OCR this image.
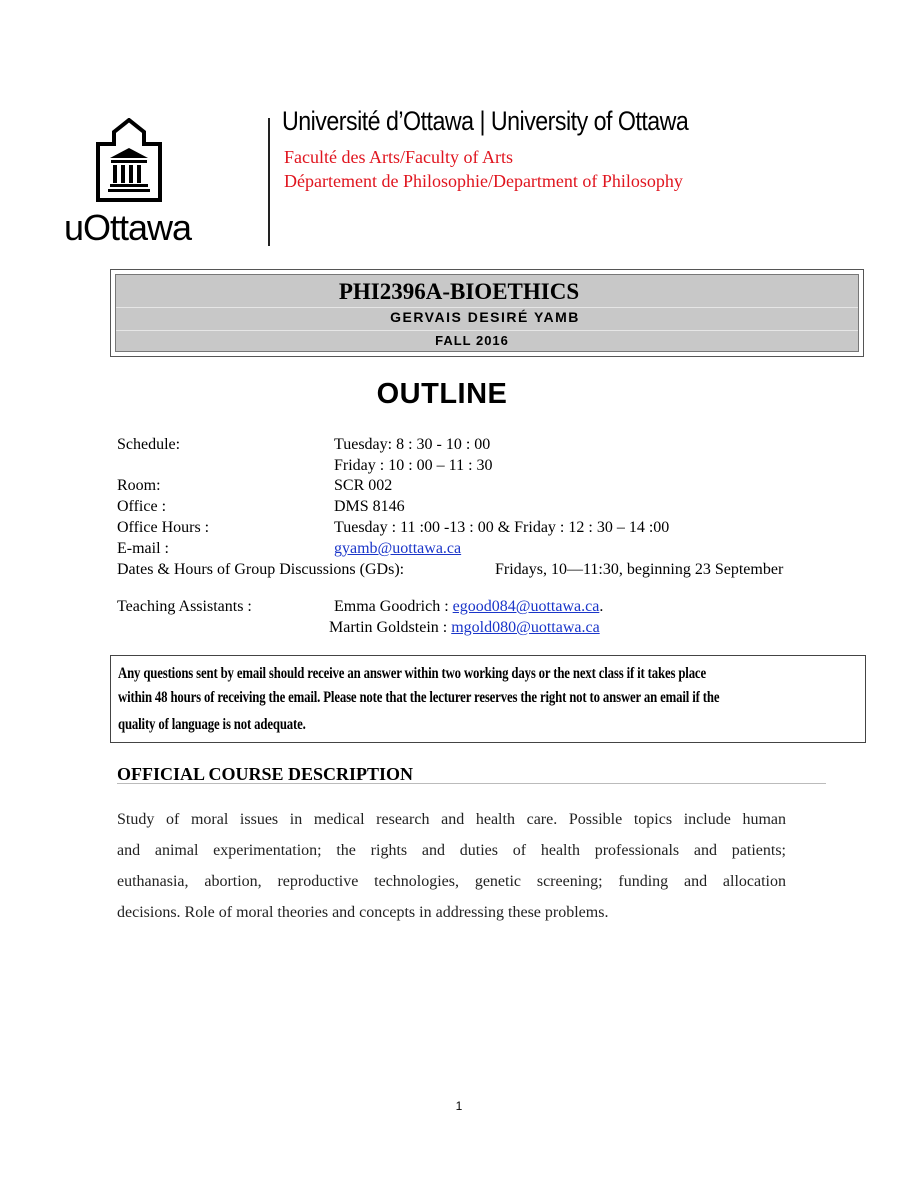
uOttawa
Université d’Ottawa | University of Ottawa
Faculté des Arts/Faculty of Arts
Département de Philosophie/Department of Philosophy
PHI2396A-BIOETHICS
GERVAIS DESIRÉ YAMB
FALL 2016
OUTLINE
Schedule:	Tuesday: 8 : 30 - 10 : 00
Friday : 10 : 00 – 11 : 30
Room:	SCR 002
Office :	DMS 8146
Office Hours :	Tuesday : 11 :00 -13 : 00 & Friday : 12 : 30 – 14 :00
E-mail :	gyamb@uottawa.ca
Dates & Hours of Group Discussions (GDs):	Fridays, 10—11:30, beginning 23 September
Teaching Assistants :	Emma Goodrich : egood084@uottawa.ca.
Martin Goldstein : mgold080@uottawa.ca
Any questions sent by email should receive an answer within two working days or the next class if it takes place
within 48 hours of receiving the email. Please note that the lecturer reserves the right not to answer an email if the
quality of language is not adequate.
OFFICIAL COURSE DESCRIPTION
Study of moral issues in medical research and health care. Possible topics include human
and animal experimentation; the rights and duties of health professionals and patients;
euthanasia, abortion, reproductive technologies, genetic screening; funding and allocation
decisions. Role of moral theories and concepts in addressing these problems.
1
